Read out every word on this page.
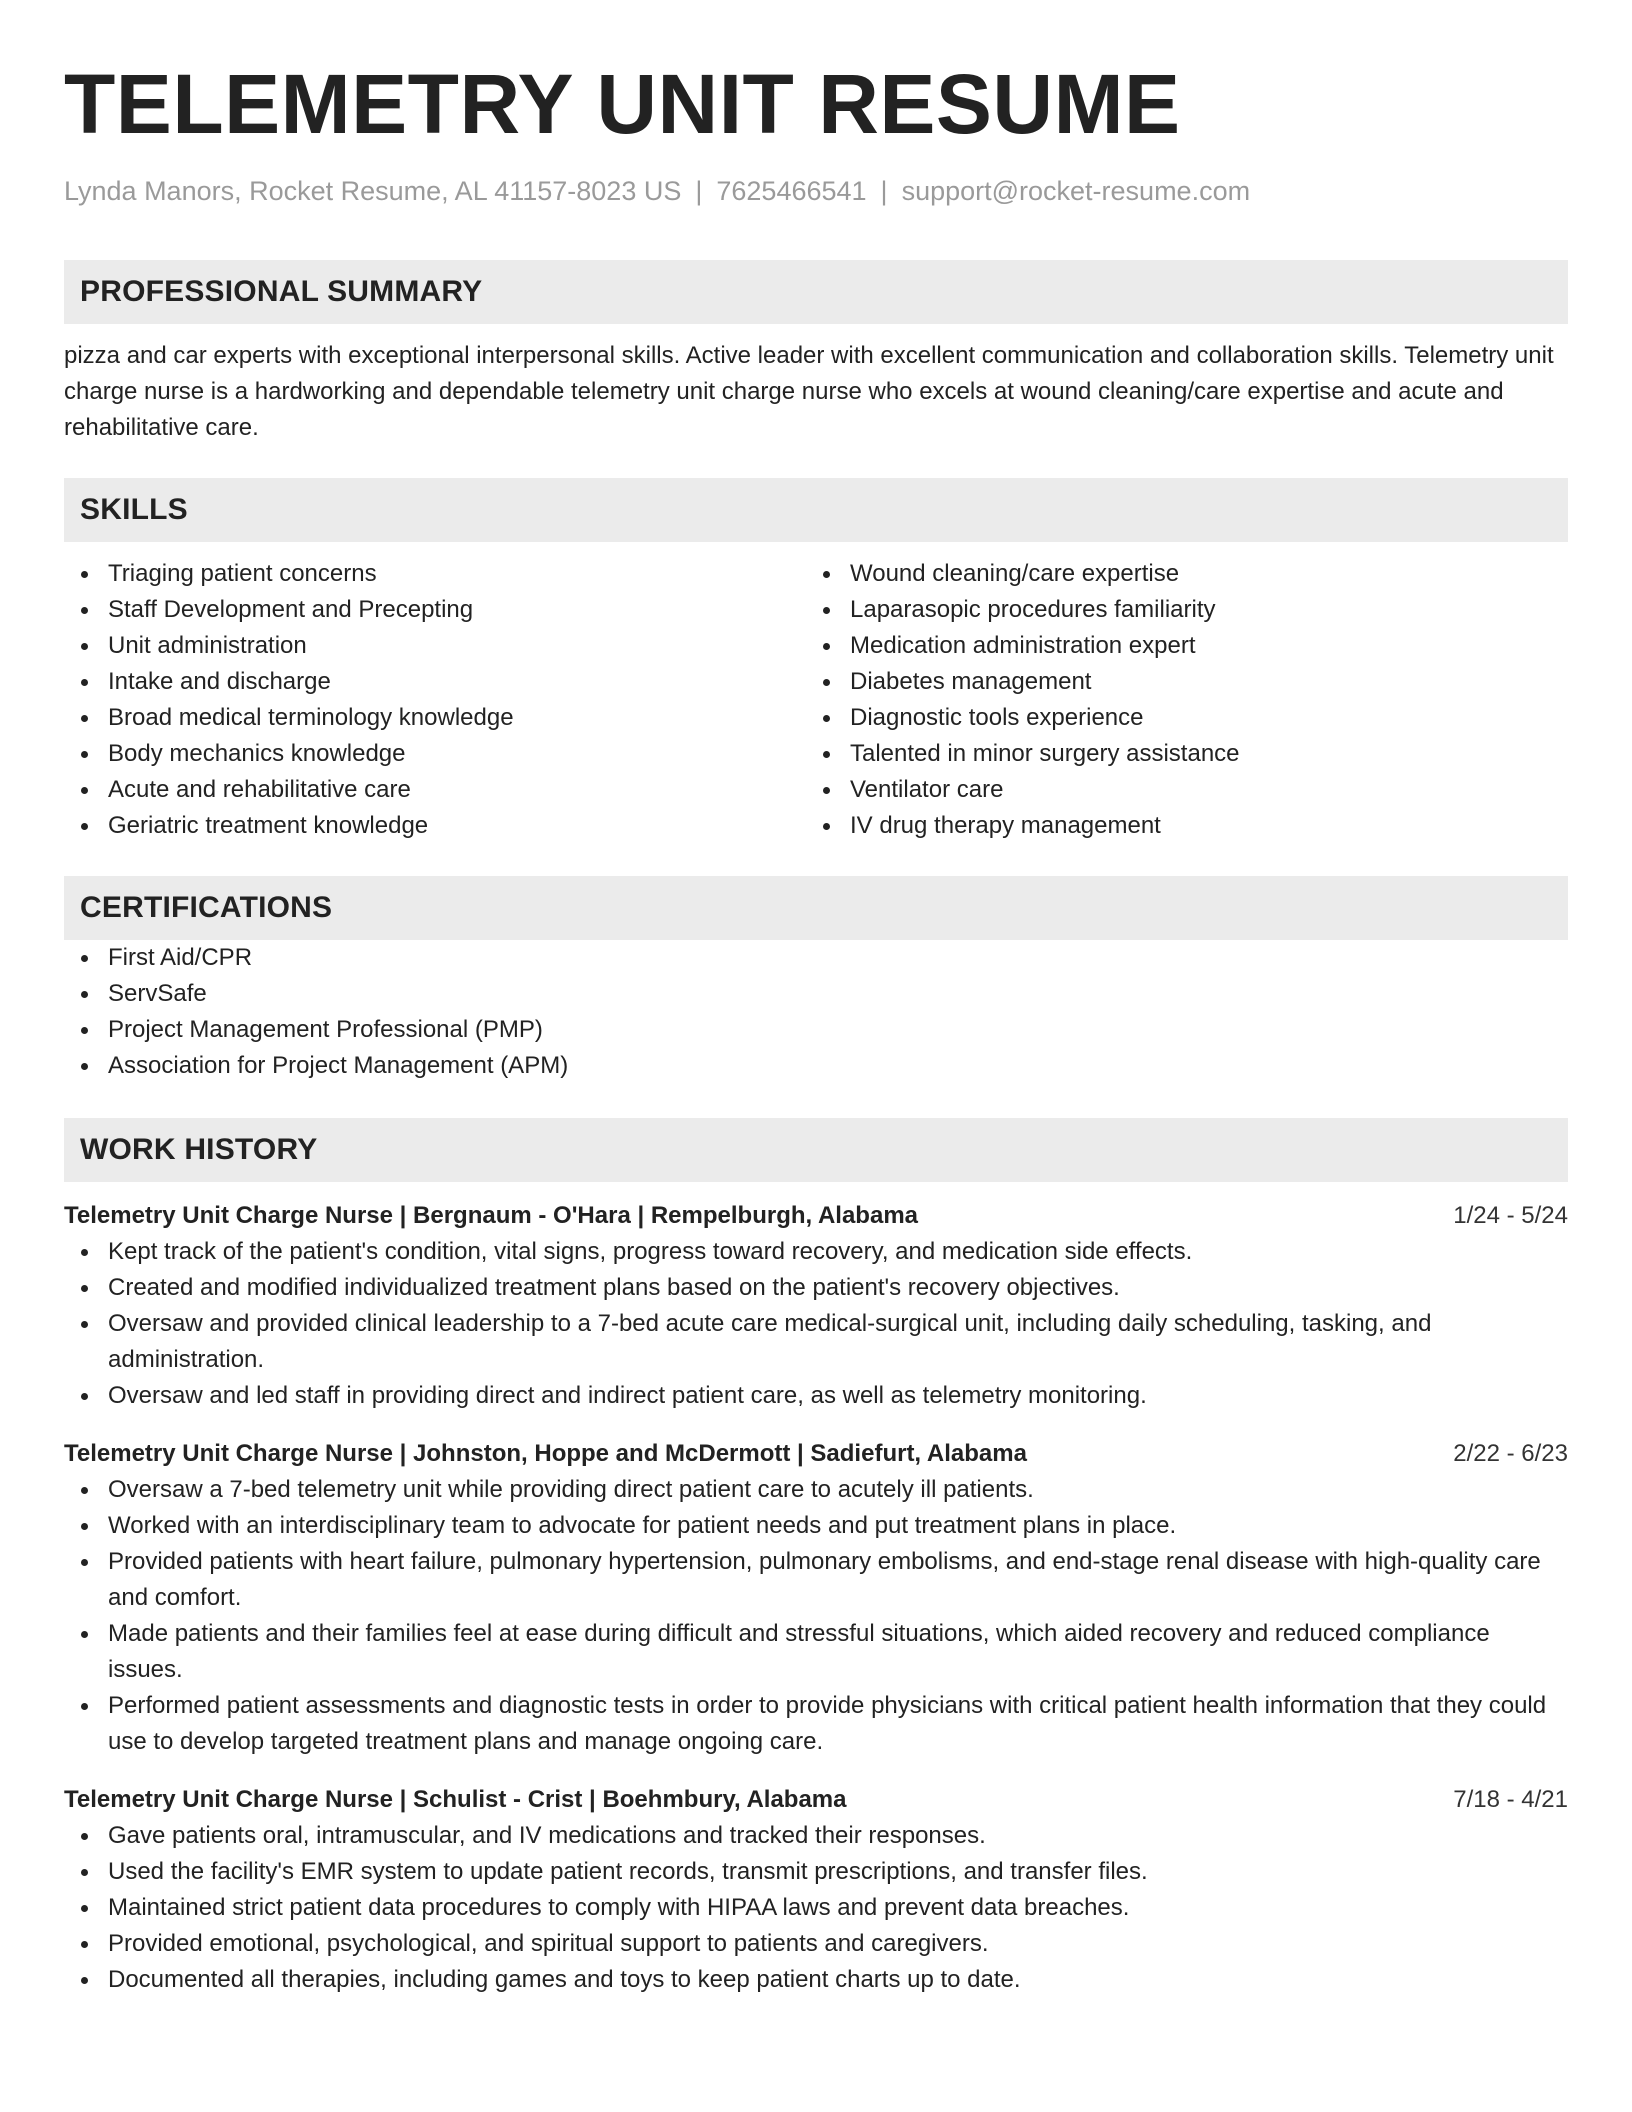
TELEMETRY UNIT RESUME
Lynda Manors, Rocket Resume, AL 41157-8023 US | 7625466541 | support@rocket-resume.com
PROFESSIONAL SUMMARY
pizza and car experts with exceptional interpersonal skills. Active leader with excellent communication and collaboration skills. Telemetry unit charge nurse is a hardworking and dependable telemetry unit charge nurse who excels at wound cleaning/care expertise and acute and rehabilitative care.
SKILLS
Triaging patient concerns
Staff Development and Precepting
Unit administration
Intake and discharge
Broad medical terminology knowledge
Body mechanics knowledge
Acute and rehabilitative care
Geriatric treatment knowledge
Wound cleaning/care expertise
Laparasopic procedures familiarity
Medication administration expert
Diabetes management
Diagnostic tools experience
Talented in minor surgery assistance
Ventilator care
IV drug therapy management
CERTIFICATIONS
First Aid/CPR
ServSafe
Project Management Professional (PMP)
Association for Project Management (APM)
WORK HISTORY
Telemetry Unit Charge Nurse | Bergnaum - O'Hara | Rempelburgh, Alabama	1/24 - 5/24
Kept track of the patient's condition, vital signs, progress toward recovery, and medication side effects.
Created and modified individualized treatment plans based on the patient's recovery objectives.
Oversaw and provided clinical leadership to a 7-bed acute care medical-surgical unit, including daily scheduling, tasking, and administration.
Oversaw and led staff in providing direct and indirect patient care, as well as telemetry monitoring.
Telemetry Unit Charge Nurse | Johnston, Hoppe and McDermott | Sadiefurt, Alabama	2/22 - 6/23
Oversaw a 7-bed telemetry unit while providing direct patient care to acutely ill patients.
Worked with an interdisciplinary team to advocate for patient needs and put treatment plans in place.
Provided patients with heart failure, pulmonary hypertension, pulmonary embolisms, and end-stage renal disease with high-quality care and comfort.
Made patients and their families feel at ease during difficult and stressful situations, which aided recovery and reduced compliance issues.
Performed patient assessments and diagnostic tests in order to provide physicians with critical patient health information that they could use to develop targeted treatment plans and manage ongoing care.
Telemetry Unit Charge Nurse | Schulist - Crist | Boehmbury, Alabama	7/18 - 4/21
Gave patients oral, intramuscular, and IV medications and tracked their responses.
Used the facility's EMR system to update patient records, transmit prescriptions, and transfer files.
Maintained strict patient data procedures to comply with HIPAA laws and prevent data breaches.
Provided emotional, psychological, and spiritual support to patients and caregivers.
Documented all therapies, including games and toys to keep patient charts up to date.
